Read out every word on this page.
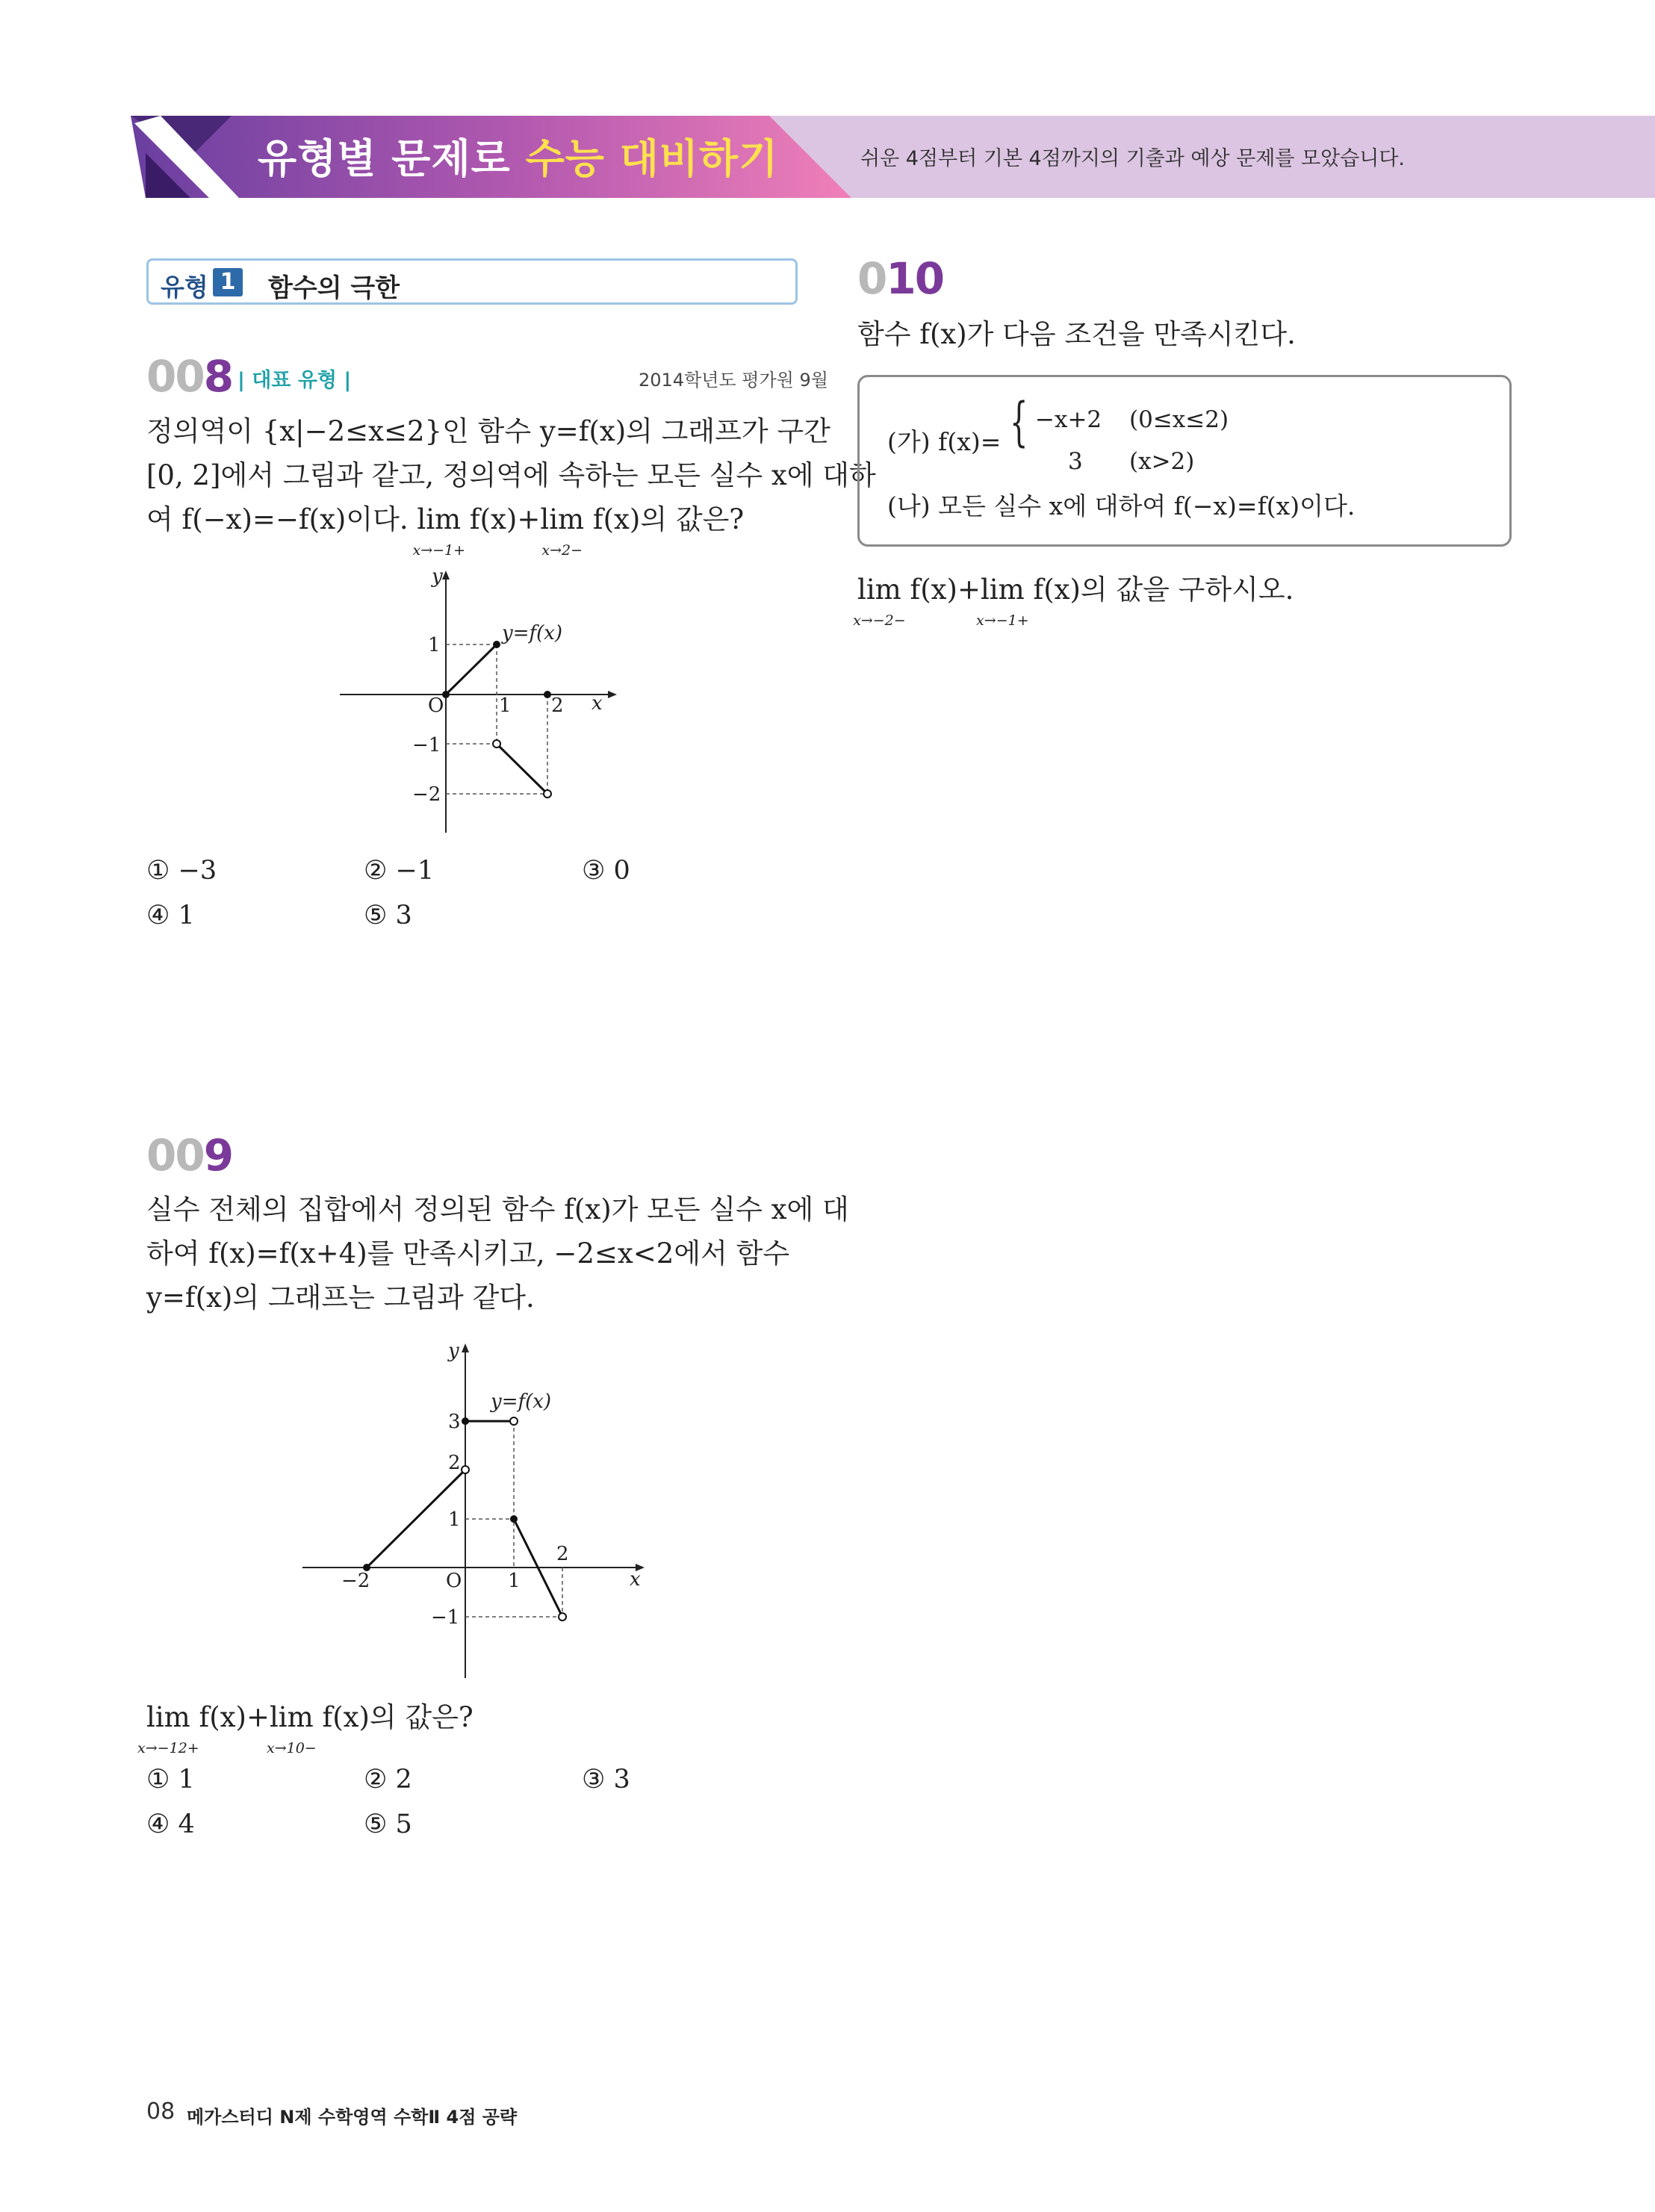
유형별 문제로 수능 대비하기	쉬운 4점부터 기본 4점까지의 기출과 예상 문제를 모았습니다.
유형 1 함수의 극한
008 | 대표 유형 |	2014학년도 평가원 9월
정의역이 {x|−2≤x≤2}인 함수 y=f(x)의 그래프가 구간
[0, 2]에서 그림과 같고, 정의역에 속하는 모든 실수 x에 대하
여 f(−x)=−f(x)이다. lim
x→−1+
f(x)+lim
x→2−
f(x)의 값은?
y
x
y=f(x)
O
1
−1
−2
1 2
① −3	② −1	③ 0
④ 1	⑤ 3
009
실수 전체의 집합에서 정의된 함수 f(x)가 모든 실수 x에 대
하여 f(x)=f(x+4)를 만족시키고, −2≤x<2에서 함수
y=f(x)의 그래프는 그림과 같다.
y
x
y=f(x)
O
3
2
1
−1
−2	1
2
lim
x→−12+
f(x)+lim
x→10−
f(x)의 값은?
① 1	② 2	③ 3
④ 4	⑤ 5
010
함수 f(x)가 다음 조건을 만족시킨다.
(가) f(x)= { −x+2 (0≤x≤2)
3 (x>2)
(나) 모든 실수 x에 대하여 f(−x)=f(x)이다.
lim
x→−2−
f(x)+lim
x→−1+
f(x)의 값을 구하시오.
08 메가스터디 N제 수학영역 수학Ⅱ 4점 공략
